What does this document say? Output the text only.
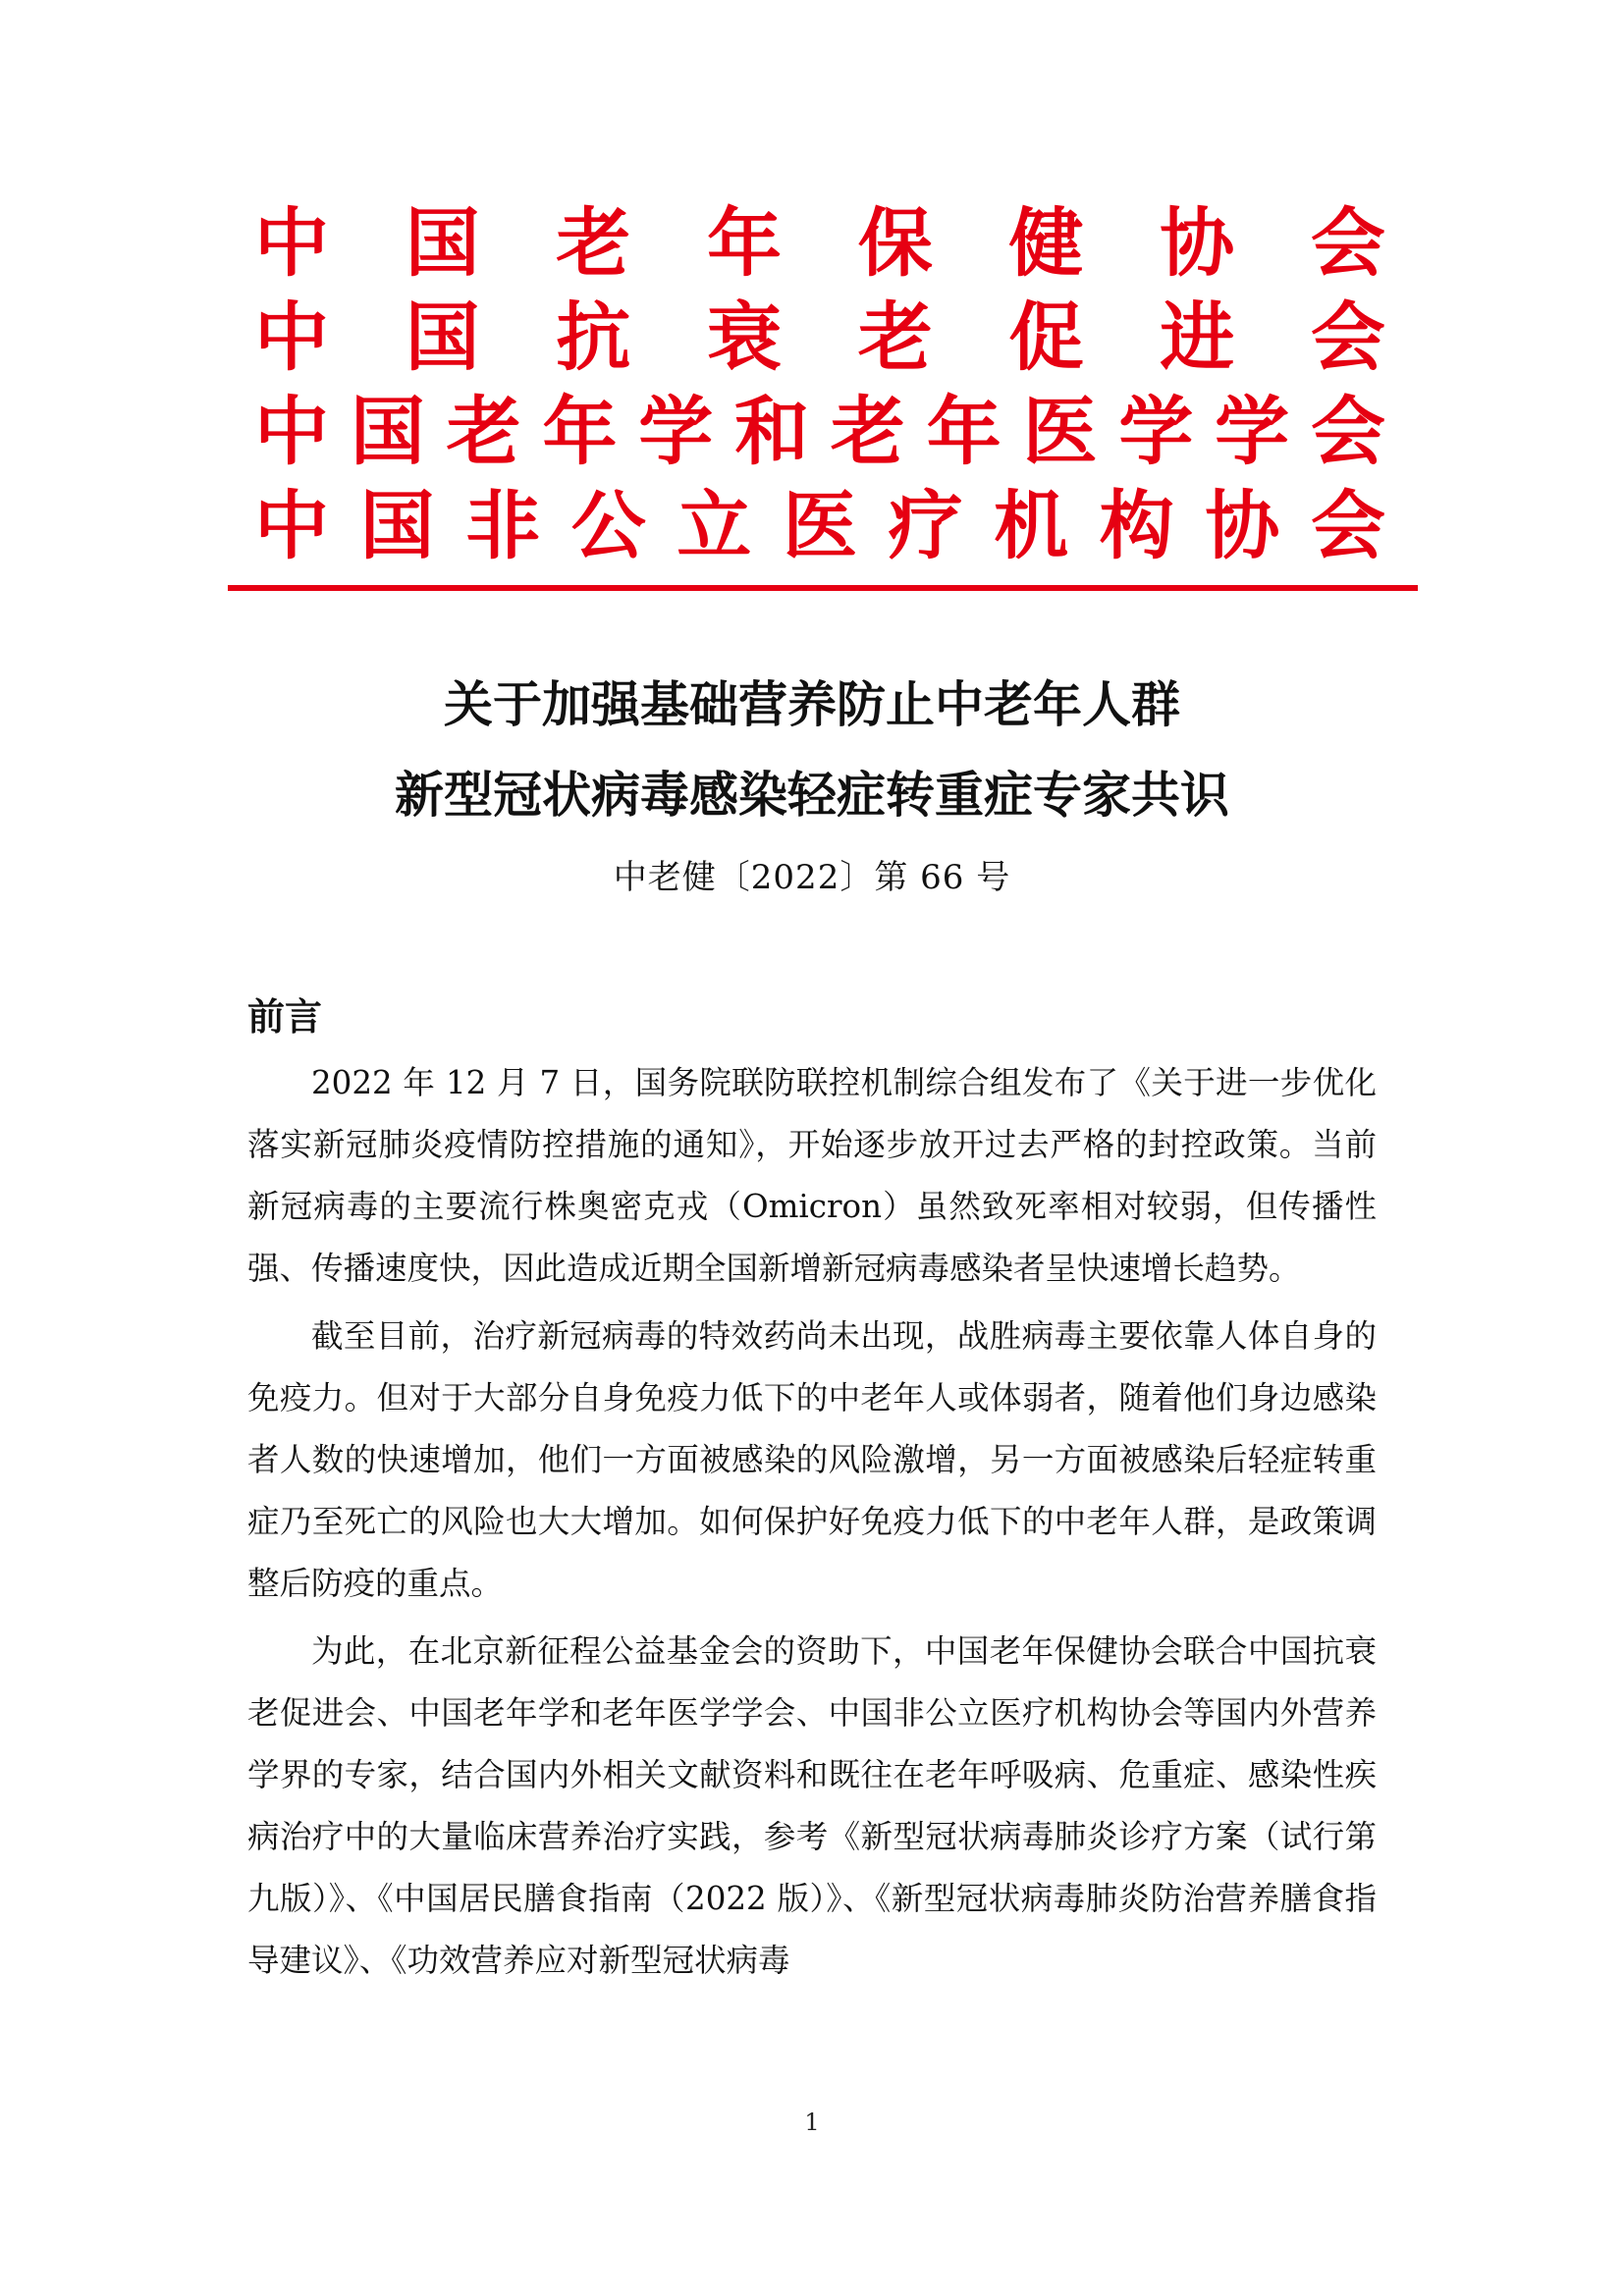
中 国 老 年 保 健 协 会
中 国 抗 衰 老 促 进 会
中 国 老 年 学 和 老 年 医 学 学 会
中 国 非 公 立 医 疗 机 构 协 会
关于加强基础营养防止中老年人群
新型冠状病毒感染轻症转重症专家共识
中老健〔2022〕第 66 号
前言

2022 年 12 月 7 日，国务院联防联控机制综合组发布了《关于进一步优化落实新冠肺炎疫情防控措施的通知》，开始逐步放开过去严格的封控政策。当前新冠病毒的主要流行株奥密克戎（Omicron）虽然致死率相对较弱，但传播性强、传播速度快，因此造成近期全国新增新冠病毒感染者呈快速增长趋势。

截至目前，治疗新冠病毒的特效药尚未出现，战胜病毒主要依靠人体自身的免疫力。但对于大部分自身免疫力低下的中老年人或体弱者，随着他们身边感染者人数的快速增加，他们一方面被感染的风险激增，另一方面被感染后轻症转重症乃至死亡的风险也大大增加。如何保护好免疫力低下的中老年人群，是政策调整后防疫的重点。

为此，在北京新征程公益基金会的资助下，中国老年保健协会联合中国抗衰老促进会、中国老年学和老年医学学会、中国非公立医疗机构协会等国内外营养学界的专家，结合国内外相关文献资料和既往在老年呼吸病、危重症、感染性疾病治疗中的大量临床营养治疗实践，参考《新型冠状病毒肺炎诊疗方案（试行第九版）》、《中国居民膳食指南（2022 版）》、《新型冠状病毒肺炎防治营养膳食指导建议》、《功效营养应对新型冠状病毒

1
